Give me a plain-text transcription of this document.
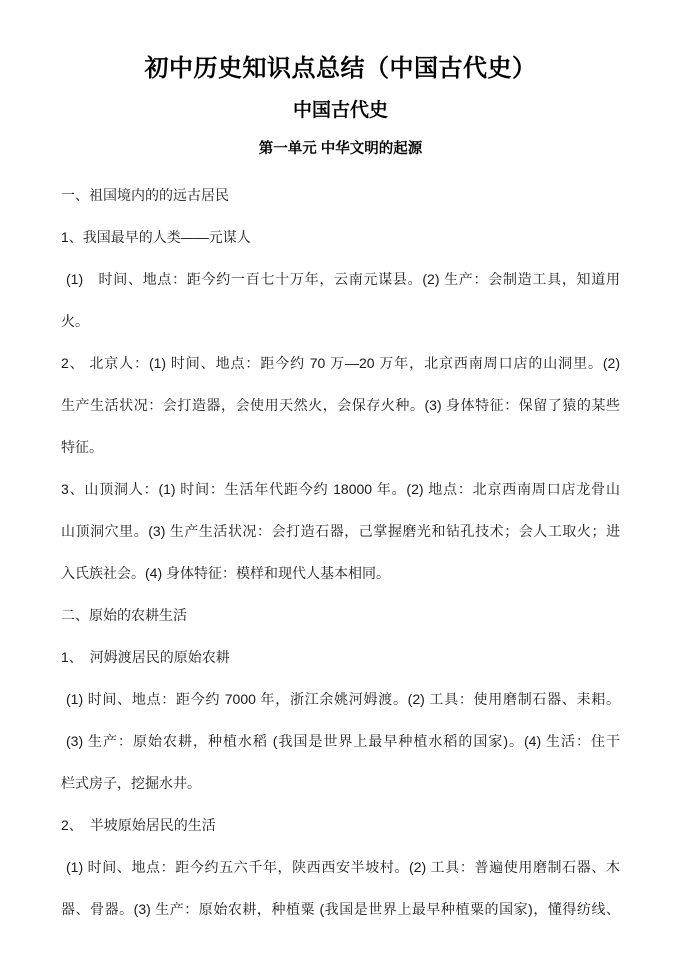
初中历史知识点总结（中国古代史）
中国古代史
第一单元 中华文明的起源
一、祖国境内的的远古居民
1、我国最早的人类——元谋人
(1)　时间、地点：距今约一百七十万年，云南元谋县。(2) 生产：会制造工具，知道用
火。
2、 北京人：(1) 时间、地点：距今约 70 万—20 万年，北京西南周口店的山洞里。(2)
生产生活状况：会打造器，会使用天然火，会保存火种。(3) 身体特征：保留了猿的某些
特征。
3、山顶洞人：(1) 时间：生活年代距今约 18000 年。(2) 地点：北京西南周口店龙骨山
山顶洞穴里。(3) 生产生活状况：会打造石器，己掌握磨光和钻孔技术；会人工取火；进
入氏族社会。(4) 身体特征：模样和现代人基本相同。
二、原始的农耕生活
1、　河姆渡居民的原始农耕
(1) 时间、地点：距今约 7000 年，浙江余姚河姆渡。(2) 工具：使用磨制石器、耒耜。
(3) 生产：原始农耕，种植水稻 (我国是世界上最早种植水稻的国家)。(4) 生活：住干
栏式房子，挖掘水井。
2、　半坡原始居民的生活
(1) 时间、地点：距今约五六千年，陕西西安半坡村。(2) 工具：普遍使用磨制石器、木
器、骨器。(3) 生产：原始农耕，种植粟 (我国是世界上最早种植粟的国家)，懂得纺线、
